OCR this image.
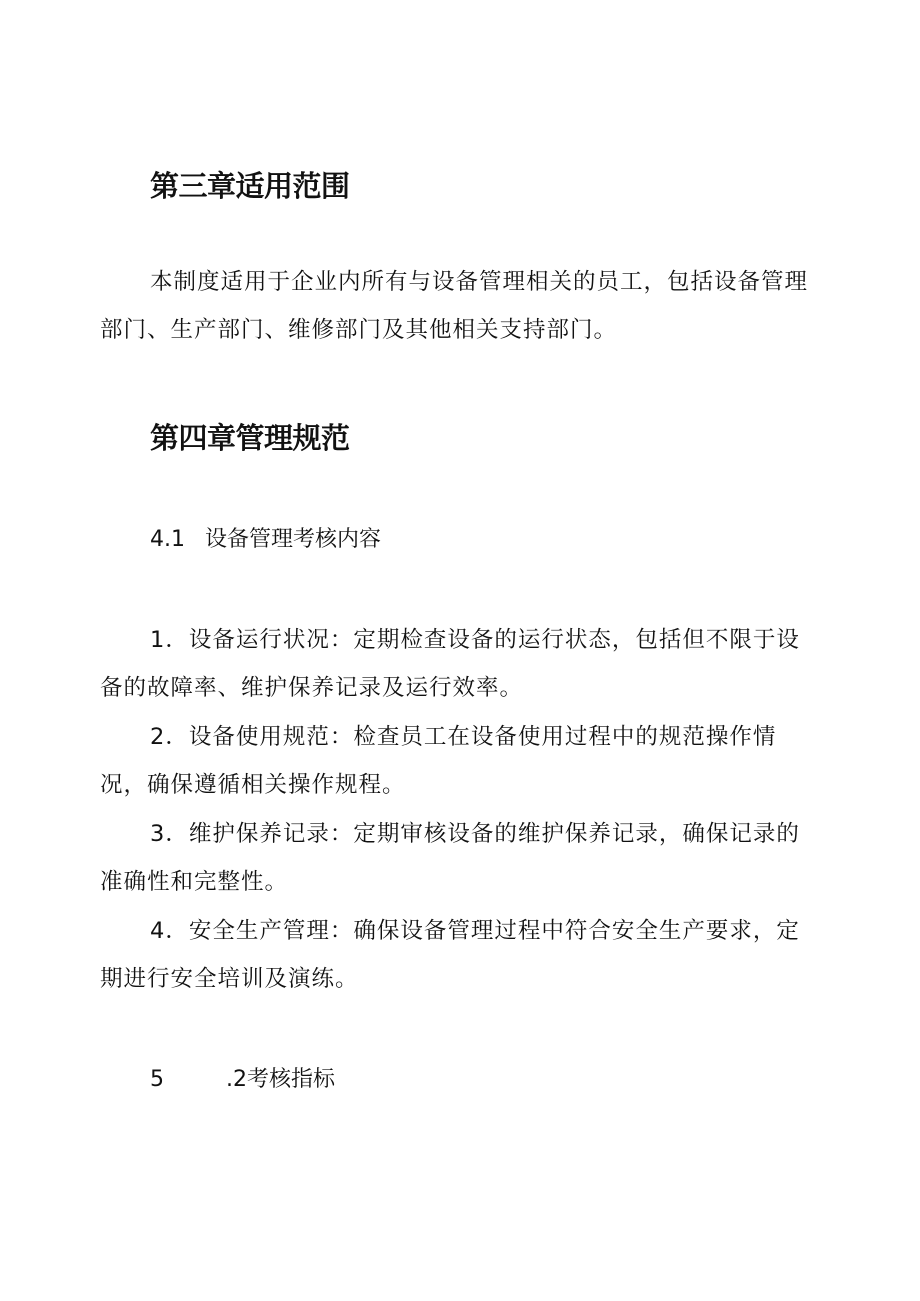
第三章适用范围

本制度适用于企业内所有与设备管理相关的员工，包括设备管理部门、生产部门、维修部门及其他相关支持部门。

第四章管理规范
4.1 设备管理考核内容

1．设备运行状况：定期检查设备的运行状态，包括但不限于设备的故障率、维护保养记录及运行效率。

2．设备使用规范：检查员工在设备使用过程中的规范操作情况，确保遵循相关操作规程。

3．维护保养记录：定期审核设备的维护保养记录，确保记录的准确性和完整性。

4．安全生产管理：确保设备管理过程中符合安全生产要求，定期进行安全培训及演练。

5	.2考核指标
